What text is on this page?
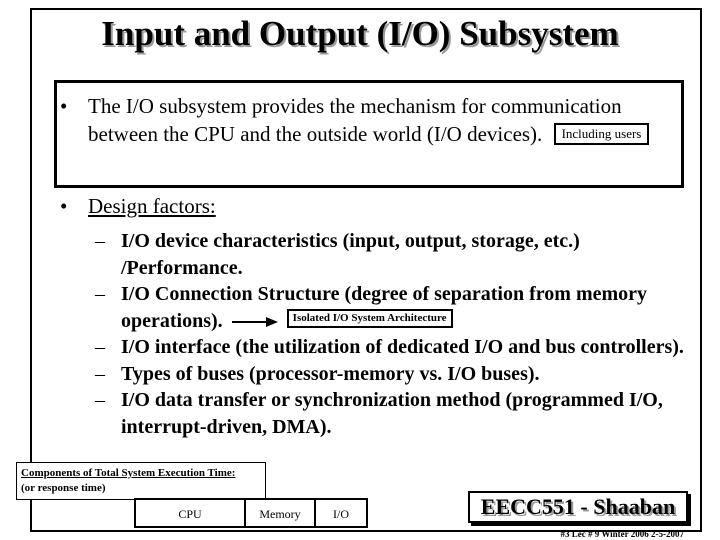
Input and Output (I/O) Subsystem
• The I/O subsystem provides the mechanism for communication between the CPU and the outside world (I/O devices). Including users
• Design factors:
– I/O device characteristics (input, output, storage, etc.) /Performance.
– I/O Connection Structure (degree of separation from memory operations).	Isolated I/O System Architecture
– I/O interface (the utilization of dedicated I/O and bus controllers).
– Types of buses (processor-memory vs. I/O buses).
– I/O data transfer or synchronization method (programmed I/O, interrupt-driven, DMA).
Components of Total System Execution Time:
(or response time)
CPU	Memory	I/O	EECC551 - Shaaban
#3 Lec # 9 Winter 2006 2-5-2007
